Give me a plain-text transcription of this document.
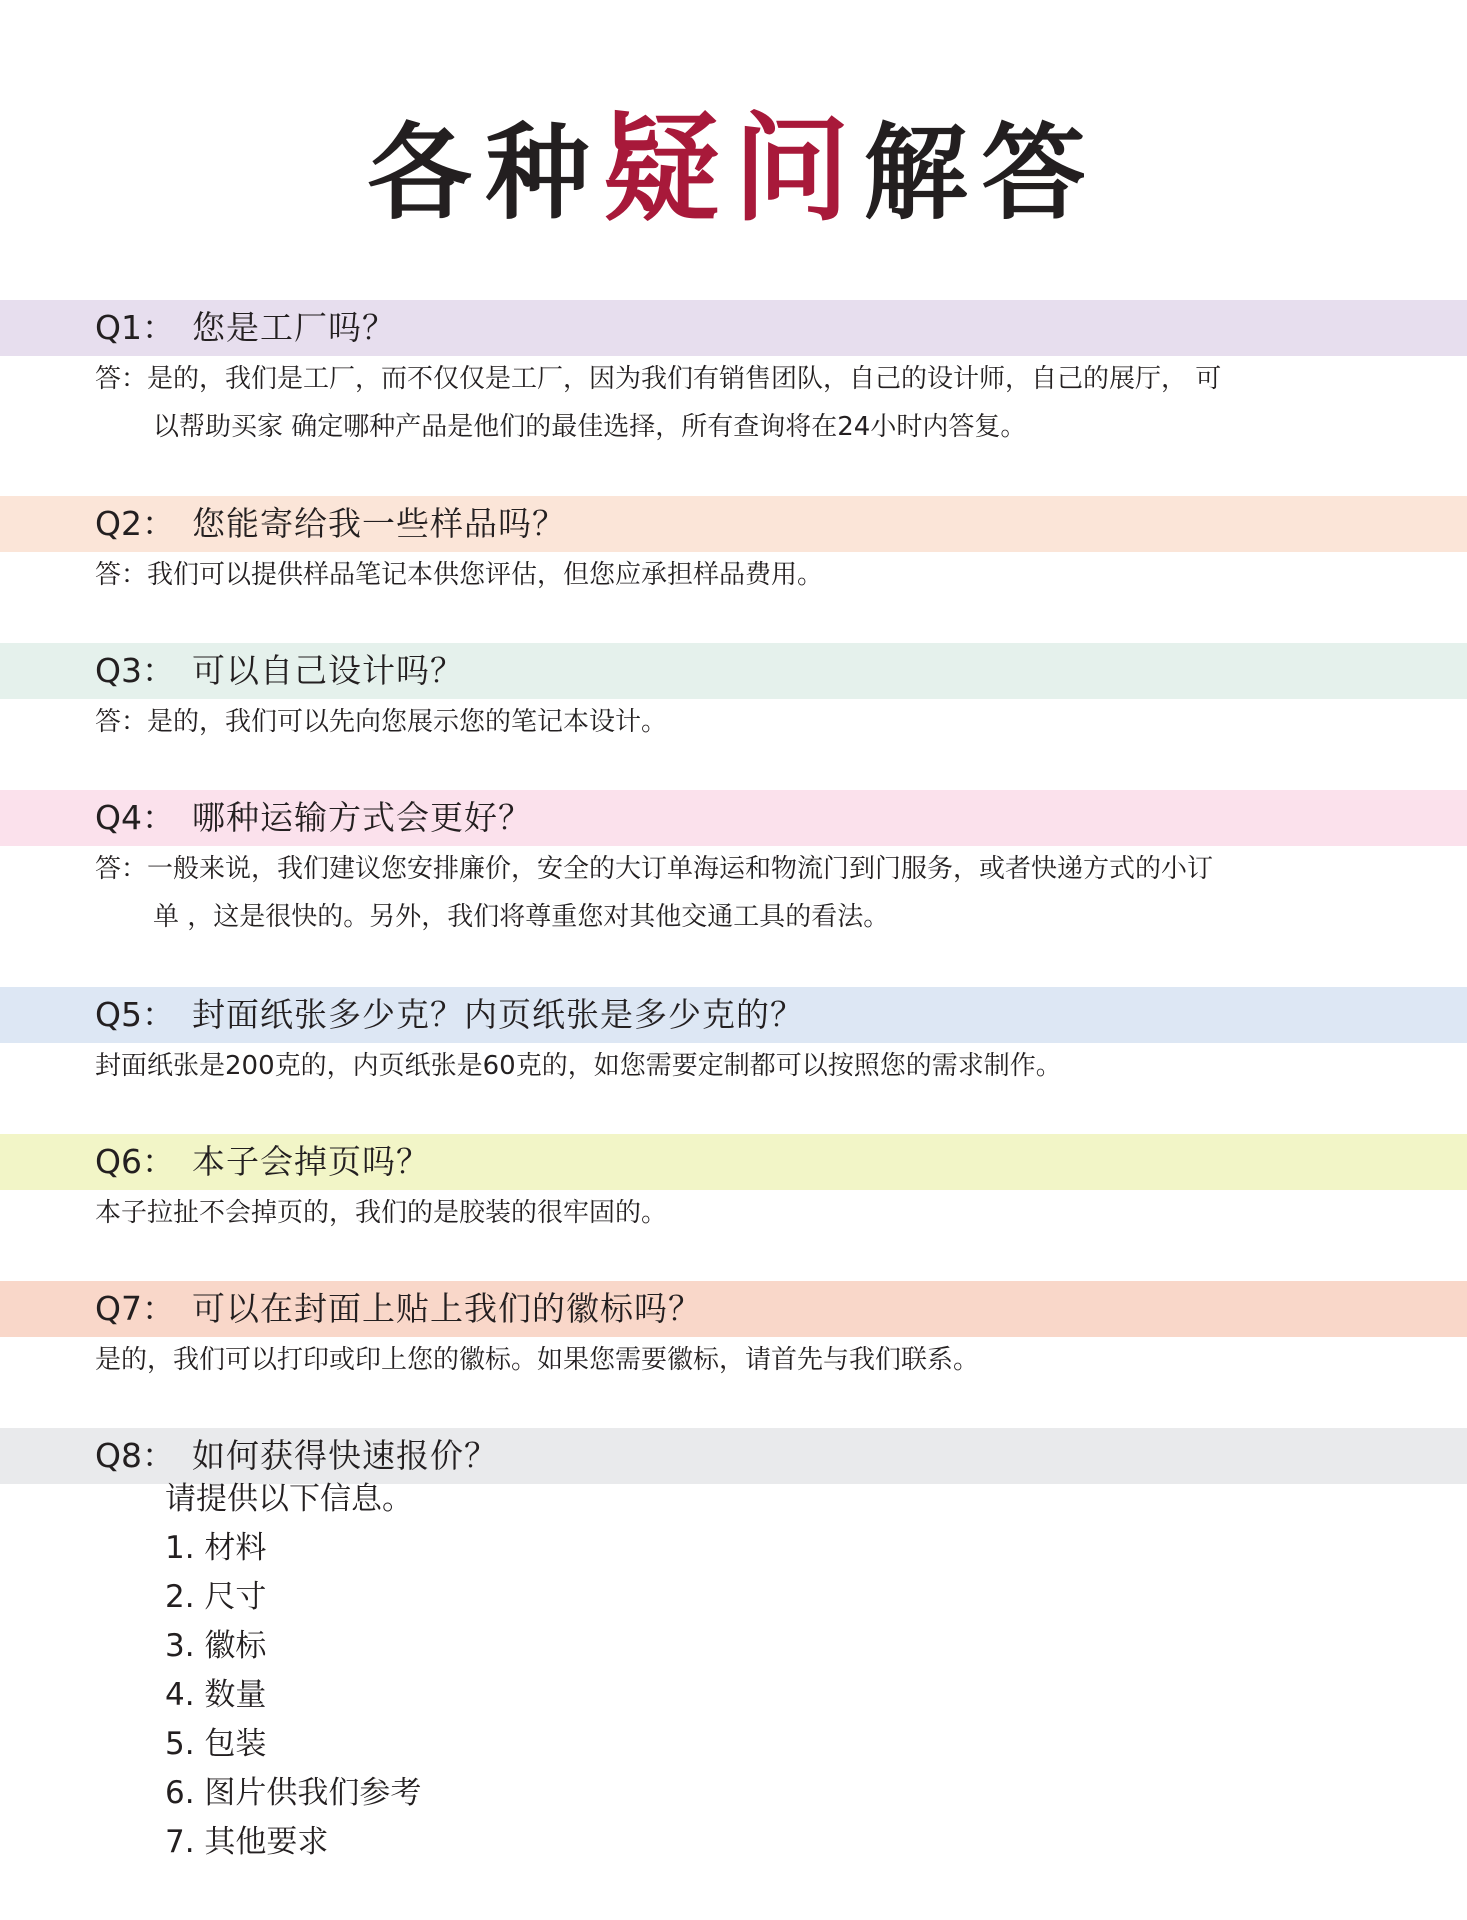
各种疑问解答
Q1： 您是工厂吗？
答：是的，我们是工厂，而不仅仅是工厂，因为我们有销售团队，自己的设计师，自己的展厅， 可
以帮助买家 确定哪种产品是他们的最佳选择，所有查询将在24小时内答复。
Q2： 您能寄给我一些样品吗？
答：我们可以提供样品笔记本供您评估，但您应承担样品费用。
Q3： 可以自己设计吗？
答：是的，我们可以先向您展示您的笔记本设计。
Q4： 哪种运输方式会更好？
答：一般来说，我们建议您安排廉价，安全的大订单海运和物流门到门服务，或者快递方式的小订
单 ，这是很快的。另外，我们将尊重您对其他交通工具的看法。
Q5： 封面纸张多少克？内页纸张是多少克的？
封面纸张是200克的，内页纸张是60克的，如您需要定制都可以按照您的需求制作。
Q6： 本子会掉页吗？
本子拉扯不会掉页的，我们的是胶装的很牢固的。
Q7： 可以在封面上贴上我们的徽标吗？
是的，我们可以打印或印上您的徽标。如果您需要徽标，请首先与我们联系。
Q8： 如何获得快速报价？
请提供以下信息。
1. 材料
2. 尺寸
3. 徽标
4. 数量
5. 包装
6. 图片供我们参考
7. 其他要求
